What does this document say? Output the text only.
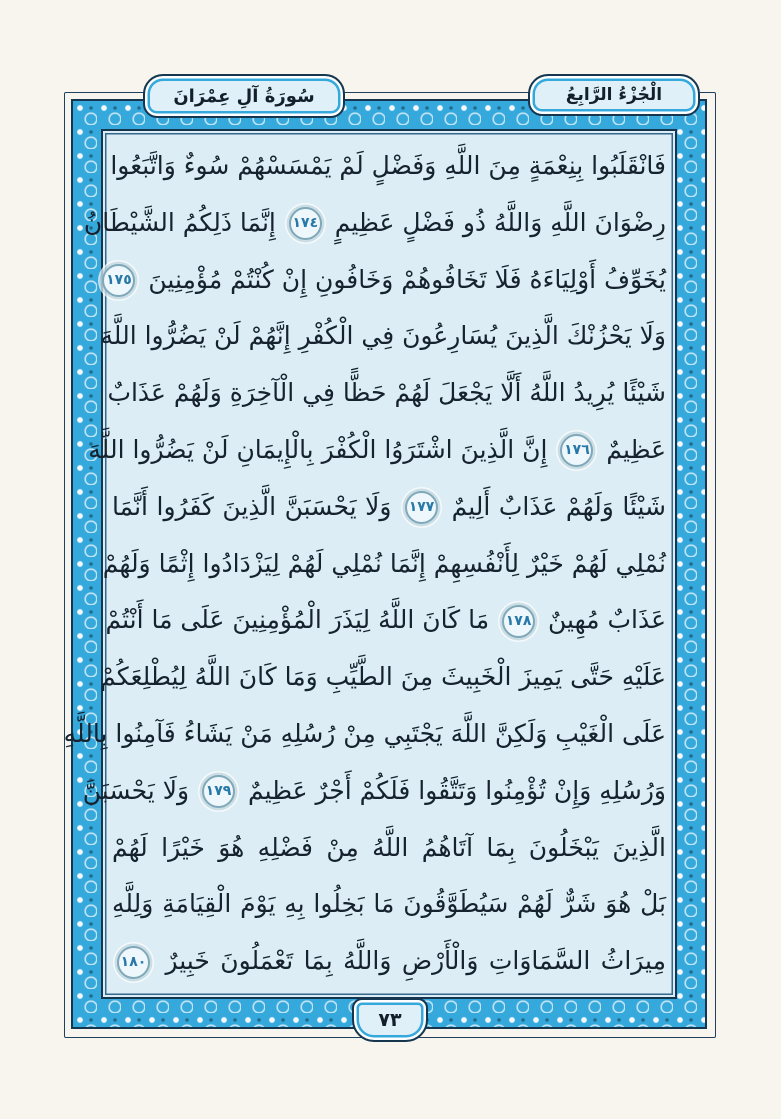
سُورَةُ آلِ عِمْرَانَ	الْجُزْءُ الرَّابِعُ
فَانْقَلَبُوا بِنِعْمَةٍ مِنَ اللَّهِ وَفَضْلٍ لَمْ يَمْسَسْهُمْ سُوءٌ وَاتَّبَعُوا
رِضْوَانَ اللَّهِ وَاللَّهُ ذُو فَضْلٍ عَظِيمٍ ١٧٤ إِنَّمَا ذَلِكُمُ الشَّيْطَانُ
يُخَوِّفُ أَوْلِيَاءَهُ فَلَا تَخَافُوهُمْ وَخَافُونِ إِنْ كُنْتُمْ مُؤْمِنِينَ ١٧٥
وَلَا يَحْزُنْكَ الَّذِينَ يُسَارِعُونَ فِي الْكُفْرِ إِنَّهُمْ لَنْ يَضُرُّوا اللَّهَ
شَيْئًا يُرِيدُ اللَّهُ أَلَّا يَجْعَلَ لَهُمْ حَظًّا فِي الْآخِرَةِ وَلَهُمْ عَذَابٌ
عَظِيمٌ ١٧٦ إِنَّ الَّذِينَ اشْتَرَوُا الْكُفْرَ بِالْإِيمَانِ لَنْ يَضُرُّوا اللَّهَ
شَيْئًا وَلَهُمْ عَذَابٌ أَلِيمٌ ١٧٧ وَلَا يَحْسَبَنَّ الَّذِينَ كَفَرُوا أَنَّمَا
نُمْلِي لَهُمْ خَيْرٌ لِأَنْفُسِهِمْ إِنَّمَا نُمْلِي لَهُمْ لِيَزْدَادُوا إِثْمًا وَلَهُمْ
عَذَابٌ مُهِينٌ ١٧٨ مَا كَانَ اللَّهُ لِيَذَرَ الْمُؤْمِنِينَ عَلَى مَا أَنْتُمْ
عَلَيْهِ حَتَّى يَمِيزَ الْخَبِيثَ مِنَ الطَّيِّبِ وَمَا كَانَ اللَّهُ لِيُطْلِعَكُمْ
عَلَى الْغَيْبِ وَلَكِنَّ اللَّهَ يَجْتَبِي مِنْ رُسُلِهِ مَنْ يَشَاءُ فَآمِنُوا بِاللَّهِ
وَرُسُلِهِ وَإِنْ تُؤْمِنُوا وَتَتَّقُوا فَلَكُمْ أَجْرٌ عَظِيمٌ ١٧٩ وَلَا يَحْسَبَنَّ
الَّذِينَ يَبْخَلُونَ بِمَا آتَاهُمُ اللَّهُ مِنْ فَضْلِهِ هُوَ خَيْرًا لَهُمْ
بَلْ هُوَ شَرٌّ لَهُمْ سَيُطَوَّقُونَ مَا بَخِلُوا بِهِ يَوْمَ الْقِيَامَةِ وَلِلَّهِ
مِيرَاثُ السَّمَاوَاتِ وَالْأَرْضِ وَاللَّهُ بِمَا تَعْمَلُونَ خَبِيرٌ ١٨٠
٧٣
